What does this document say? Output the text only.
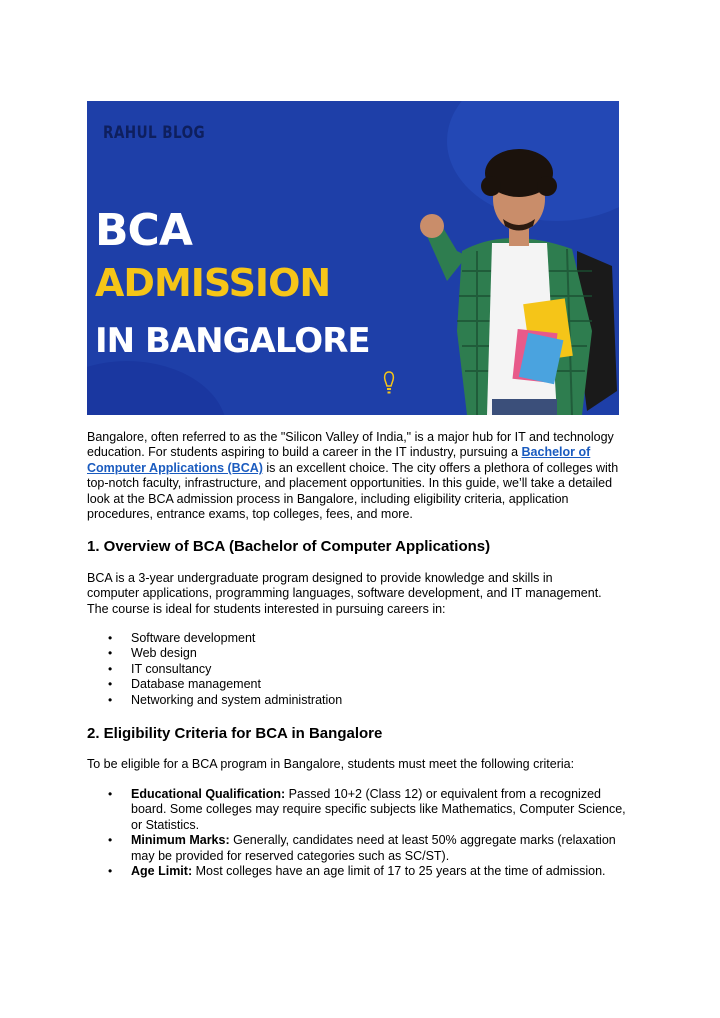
RAHUL BLOG
BCA
ADMISSION
IN BANGALORE

Bangalore, often referred to as the "Silicon Valley of India," is a major hub for IT and technology education. For students aspiring to build a career in the IT industry, pursuing a Bachelor of Computer Applications (BCA) is an excellent choice. The city offers a plethora of colleges with top-notch faculty, infrastructure, and placement opportunities. In this guide, we’ll take a detailed look at the BCA admission process in Bangalore, including eligibility criteria, application procedures, entrance exams, top colleges, fees, and more.

1. Overview of BCA (Bachelor of Computer Applications)

BCA is a 3-year undergraduate program designed to provide knowledge and skills in computer applications, programming languages, software development, and IT management. The course is ideal for students interested in pursuing careers in:

• Software development
• Web design
• IT consultancy
• Database management
• Networking and system administration
2. Eligibility Criteria for BCA in Bangalore

To be eligible for a BCA program in Bangalore, students must meet the following criteria:

• Educational Qualification: Passed 10+2 (Class 12) or equivalent from a recognized board. Some colleges may require specific subjects like Mathematics, Computer Science, or Statistics.
• Minimum Marks: Generally, candidates need at least 50% aggregate marks (relaxation may be provided for reserved categories such as SC/ST).
• Age Limit: Most colleges have an age limit of 17 to 25 years at the time of admission.
